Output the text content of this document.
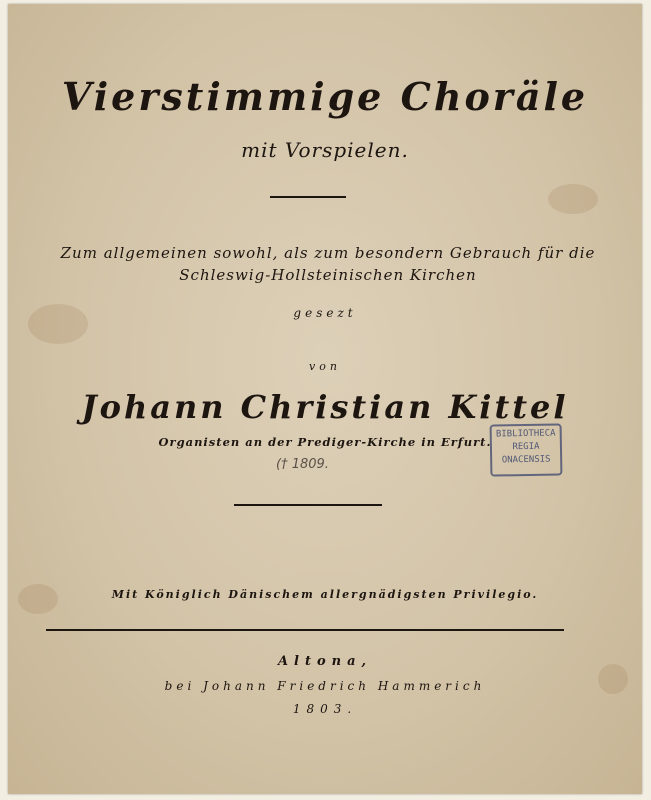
Vierstimmige Choräle
mit Vorspielen.
Zum allgemeinen sowohl, als zum besondern Gebrauch für die Schleswig-Hollsteinischen Kirchen
gesezt
von
Johann Christian Kittel
Organisten an der Prediger-Kirche in Erfurt.
(† 1809.
BIBLIOTHECA
REGIA
ONACENSIS
Mit Königlich Dänischem allergnädigsten Privilegio.
Altona,
bei Johann Friedrich Hammerich
1803.
